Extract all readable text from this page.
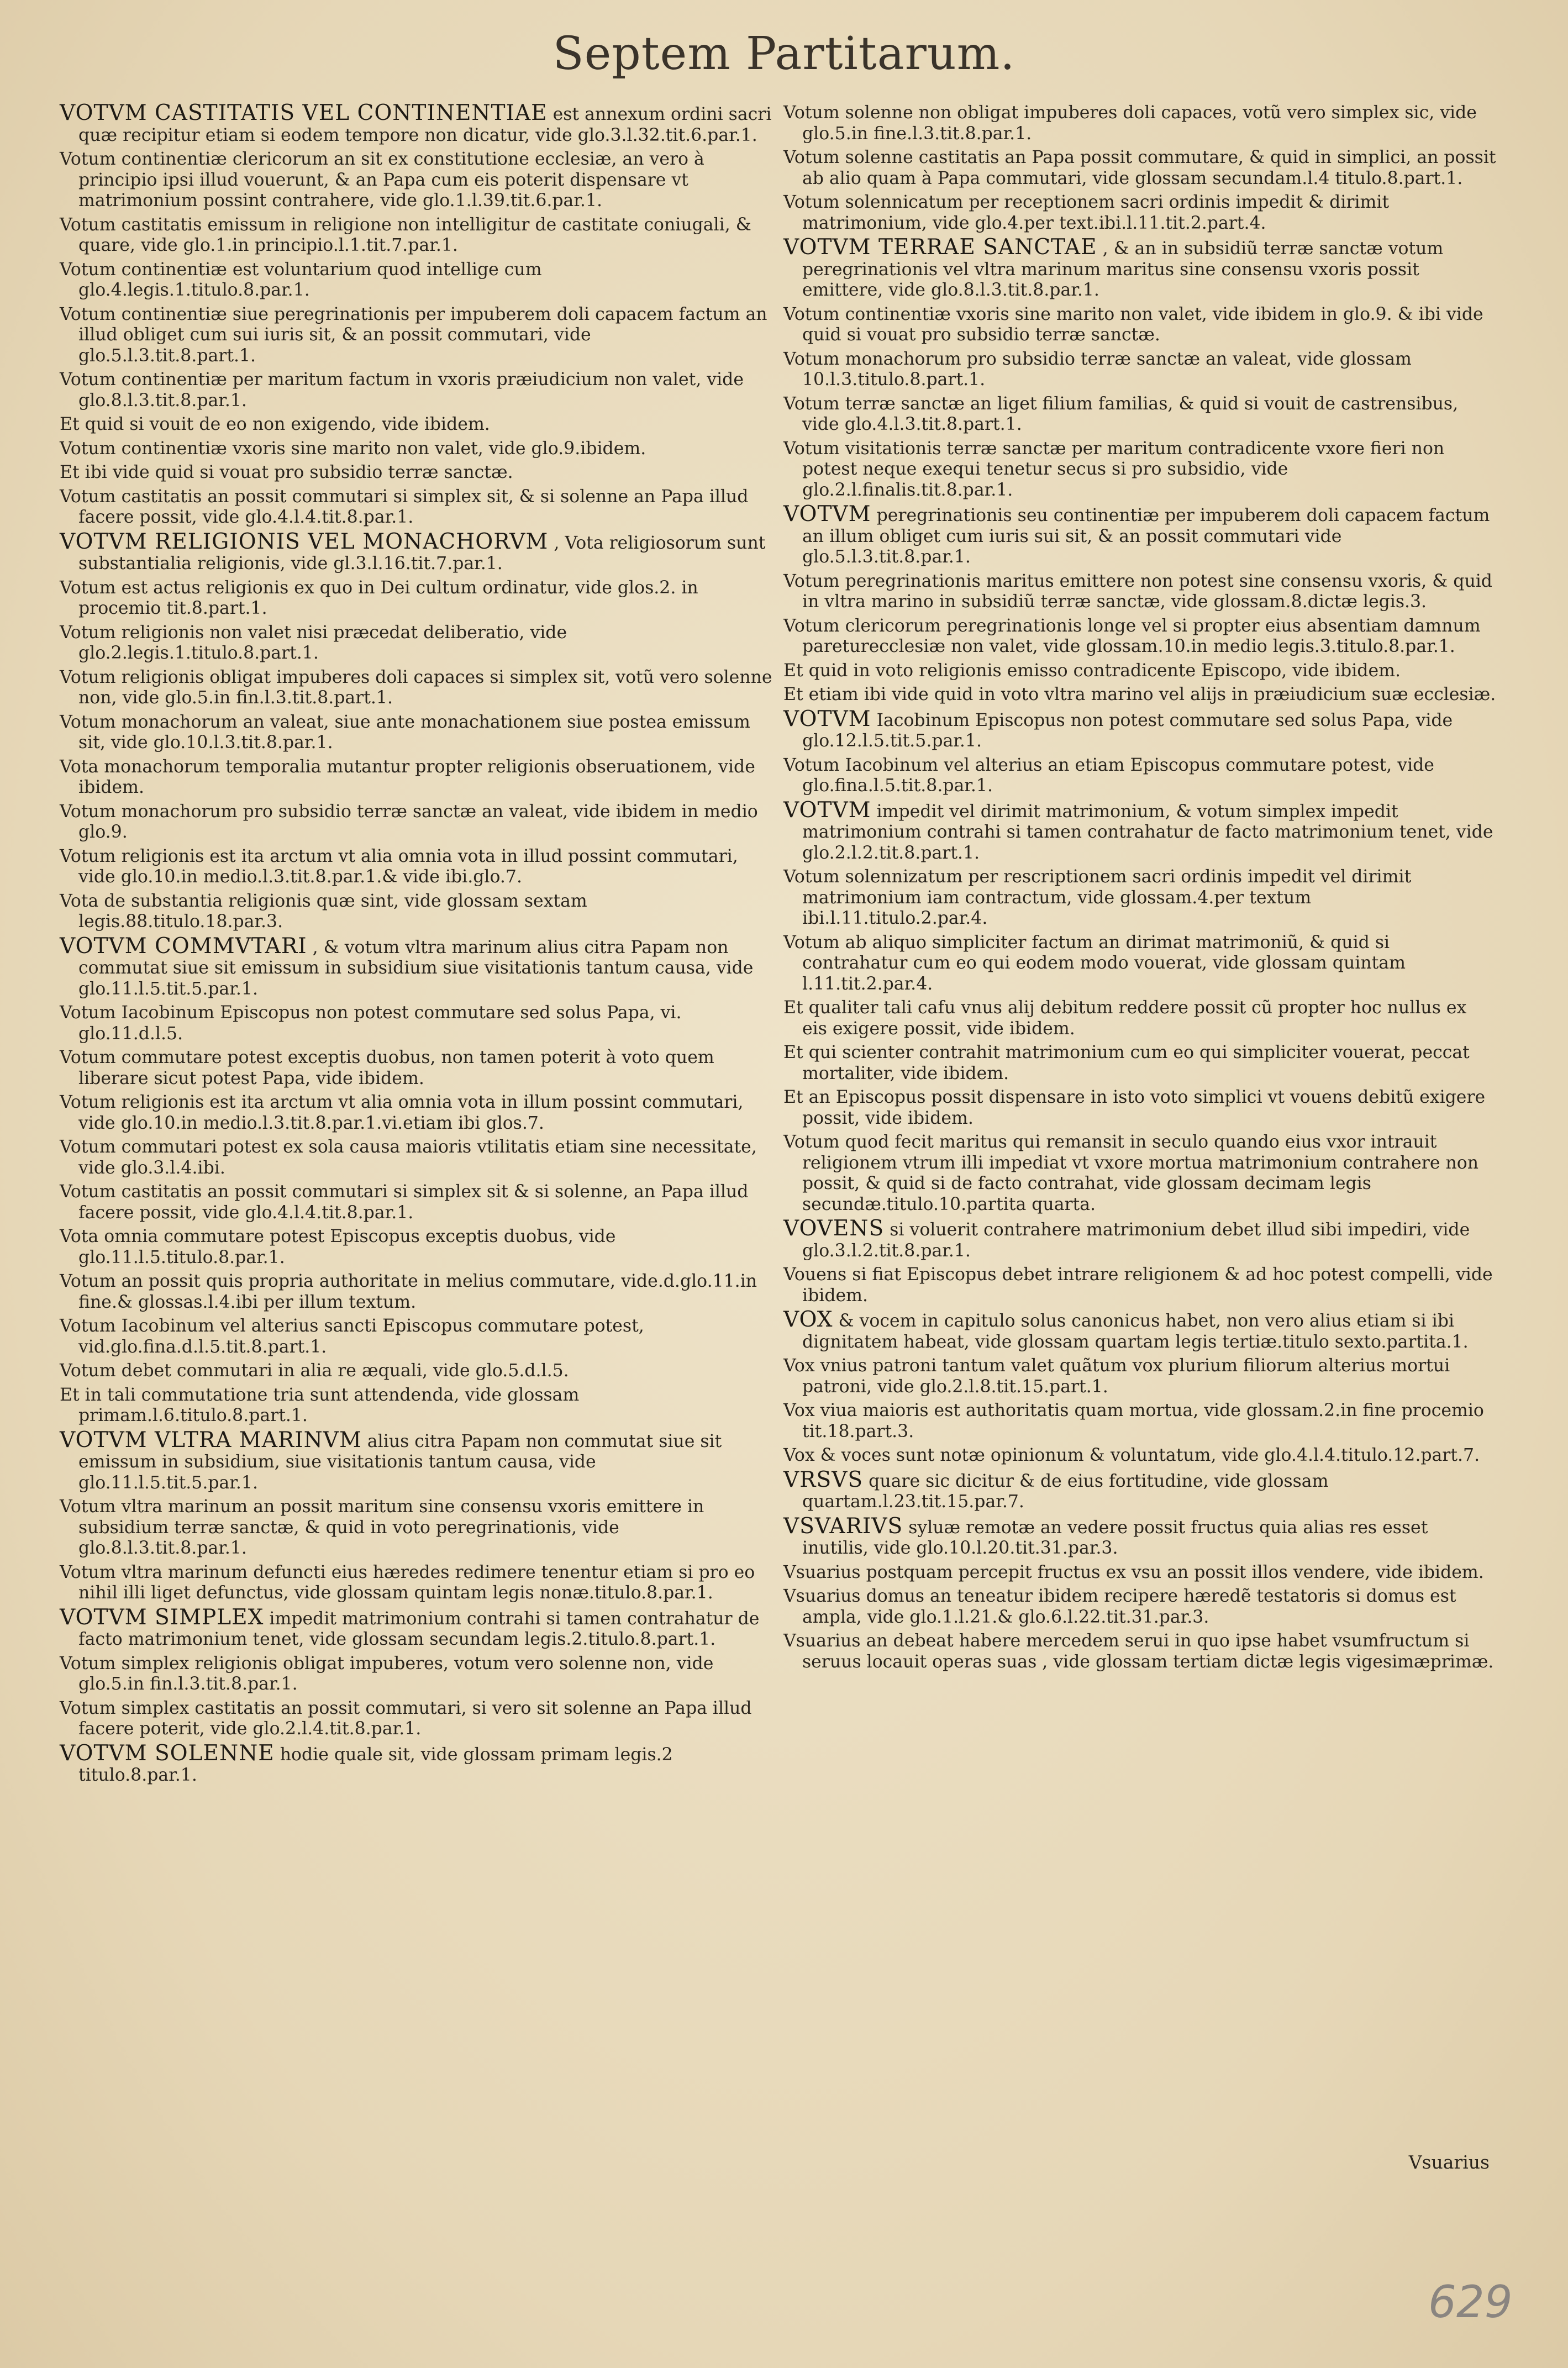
Septem Partitarum.

VOTVM CASTITATIS VEL CONTINENTIAE est annexum ordini sacri quæ recipitur etiam si eodem tempore non dicatur, vide glo.3.l.32.tit.6.par.1.

Votum continentiæ clericorum an sit ex constitutione ecclesiæ, an vero à principio ipsi illud vouerunt, & an Papa cum eis poterit dispensare vt matrimonium possint contrahere, vide glo.1.l.39.tit.6.par.1.

Votum castitatis emissum in religione non intelligitur de castitate coniugali, & quare, vide glo.1.in principio.l.1.tit.7.par.1.

Votum continentiæ est voluntarium quod intellige cum glo.4.legis.1.titulo.8.par.1.

Votum continentiæ siue peregrinationis per impuberem doli capacem factum an illud obliget cum sui iuris sit, & an possit commutari, vide glo.5.l.3.tit.8.part.1.

Votum continentiæ per maritum factum in vxoris præiudicium non valet, vide glo.8.l.3.tit.8.par.1.

Et quid si vouit de eo non exigendo, vide ibidem.

Votum continentiæ vxoris sine marito non valet, vide glo.9.ibidem.

Et ibi vide quid si vouat pro subsidio terræ sanctæ.

Votum castitatis an possit commutari si simplex sit, & si solenne an Papa illud facere possit, vide glo.4.l.4.tit.8.par.1.

VOTVM RELIGIONIS VEL MONACHORVM , Vota religiosorum sunt substantialia religionis, vide gl.3.l.16.tit.7.par.1.

Votum est actus religionis ex quo in Dei cultum ordinatur, vide glos.2. in procemio tit.8.part.1.

Votum religionis non valet nisi præcedat deliberatio, vide glo.2.legis.1.titulo.8.part.1.

Votum religionis obligat impuberes doli capaces si simplex sit, votũ vero solenne non, vide glo.5.in fin.l.3.tit.8.part.1.

Votum monachorum an valeat, siue ante monachationem siue postea emissum sit, vide glo.10.l.3.tit.8.par.1.

Vota monachorum temporalia mutantur propter religionis obseruationem, vide ibidem.

Votum monachorum pro subsidio terræ sanctæ an valeat, vide ibidem in medio glo.9.

Votum religionis est ita arctum vt alia omnia vota in illud possint commutari, vide glo.10.in medio.l.3.tit.8.par.1.& vide ibi.glo.7.

Vota de substantia religionis quæ sint, vide glossam sextam legis.88.titulo.18.par.3.

VOTVM COMMVTARI , & votum vltra marinum alius citra Papam non commutat siue sit emissum in subsidium siue visitationis tantum causa, vide glo.11.l.5.tit.5.par.1.

Votum Iacobinum Episcopus non potest commutare sed solus Papa, vi. glo.11.d.l.5.

Votum commutare potest exceptis duobus, non tamen poterit à voto quem liberare sicut potest Papa, vide ibidem.

Votum religionis est ita arctum vt alia omnia vota in illum possint commutari, vide glo.10.in medio.l.3.tit.8.par.1.vi.etiam ibi glos.7.

Votum commutari potest ex sola causa maioris vtilitatis etiam sine necessitate, vide glo.3.l.4.ibi.

Votum castitatis an possit commutari si simplex sit & si solenne, an Papa illud facere possit, vide glo.4.l.4.tit.8.par.1.

Vota omnia commutare potest Episcopus exceptis duobus, vide glo.11.l.5.titulo.8.par.1.

Votum an possit quis propria authoritate in melius commutare, vide.d.glo.11.in fine.& glossas.l.4.ibi per illum textum.

Votum Iacobinum vel alterius sancti Episcopus commutare potest, vid.glo.fina.d.l.5.tit.8.part.1.

Votum debet commutari in alia re æquali, vide glo.5.d.l.5.

Et in tali commutatione tria sunt attendenda, vide glossam primam.l.6.titulo.8.part.1.

VOTVM VLTRA MARINVM alius citra Papam non commutat siue sit emissum in subsidium, siue visitationis tantum causa, vide glo.11.l.5.tit.5.par.1.

Votum vltra marinum an possit maritum sine consensu vxoris emittere in subsidium terræ sanctæ, & quid in voto peregrinationis, vide glo.8.l.3.tit.8.par.1.

Votum vltra marinum defuncti eius hæredes redimere tenentur etiam si pro eo nihil illi liget defunctus, vide glossam quintam legis nonæ.titulo.8.par.1.

VOTVM SIMPLEX impedit matrimonium contrahi si tamen contrahatur de facto matrimonium tenet, vide glossam secundam legis.2.titulo.8.part.1.

Votum simplex religionis obligat impuberes, votum vero solenne non, vide glo.5.in fin.l.3.tit.8.par.1.

Votum simplex castitatis an possit commutari, si vero sit solenne an Papa illud facere poterit, vide glo.2.l.4.tit.8.par.1.

VOTVM SOLENNE hodie quale sit, vide glossam primam legis.2 titulo.8.par.1.

Votum solenne non obligat impuberes doli capaces, votũ vero simplex sic, vide glo.5.in fine.l.3.tit.8.par.1.

Votum solenne castitatis an Papa possit commutare, & quid in simplici, an possit ab alio quam à Papa commutari, vide glossam secundam.l.4 titulo.8.part.1.

Votum solennicatum per receptionem sacri ordinis impedit & dirimit matrimonium, vide glo.4.per text.ibi.l.11.tit.2.part.4.

VOTVM TERRAE SANCTAE , & an in subsidiũ terræ sanctæ votum peregrinationis vel vltra marinum maritus sine consensu vxoris possit emittere, vide glo.8.l.3.tit.8.par.1.

Votum continentiæ vxoris sine marito non valet, vide ibidem in glo.9. & ibi vide quid si vouat pro subsidio terræ sanctæ.

Votum monachorum pro subsidio terræ sanctæ an valeat, vide glossam 10.l.3.titulo.8.part.1.

Votum terræ sanctæ an liget filium familias, & quid si vouit de castrensibus, vide glo.4.l.3.tit.8.part.1.

Votum visitationis terræ sanctæ per maritum contradicente vxore fieri non potest neque exequi tenetur secus si pro subsidio, vide glo.2.l.finalis.tit.8.par.1.

VOTVM peregrinationis seu continentiæ per impuberem doli capacem factum an illum obliget cum iuris sui sit, & an possit commutari vide glo.5.l.3.tit.8.par.1.

Votum peregrinationis maritus emittere non potest sine consensu vxoris, & quid in vltra marino in subsidiũ terræ sanctæ, vide glossam.8.dictæ legis.3.

Votum clericorum peregrinationis longe vel si propter eius absentiam damnum pareturecclesiæ non valet, vide glossam.10.in medio legis.3.titulo.8.par.1.

Et quid in voto religionis emisso contradicente Episcopo, vide ibidem.

Et etiam ibi vide quid in voto vltra marino vel alijs in præiudicium suæ ecclesiæ.

VOTVM Iacobinum Episcopus non potest commutare sed solus Papa, vide glo.12.l.5.tit.5.par.1.

Votum Iacobinum vel alterius an etiam Episcopus commutare potest, vide glo.fina.l.5.tit.8.par.1.

VOTVM impedit vel dirimit matrimonium, & votum simplex impedit matrimonium contrahi si tamen contrahatur de facto matrimonium tenet, vide glo.2.l.2.tit.8.part.1.

Votum solennizatum per rescriptionem sacri ordinis impedit vel dirimit matrimonium iam contractum, vide glossam.4.per textum ibi.l.11.titulo.2.par.4.

Votum ab aliquo simpliciter factum an dirimat matrimoniũ, & quid si contrahatur cum eo qui eodem modo vouerat, vide glossam quintam l.11.tit.2.par.4.

Et qualiter tali cafu vnus alij debitum reddere possit cũ propter hoc nullus ex eis exigere possit, vide ibidem.

Et qui scienter contrahit matrimonium cum eo qui simpliciter vouerat, peccat mortaliter, vide ibidem.

Et an Episcopus possit dispensare in isto voto simplici vt vouens debitũ exigere possit, vide ibidem.

Votum quod fecit maritus qui remansit in seculo quando eius vxor intrauit religionem vtrum illi impediat vt vxore mortua matrimonium contrahere non possit, & quid si de facto contrahat, vide glossam decimam legis secundæ.titulo.10.partita quarta.

VOVENS si voluerit contrahere matrimonium debet illud sibi impediri, vide glo.3.l.2.tit.8.par.1.

Vouens si fiat Episcopus debet intrare religionem & ad hoc potest compelli, vide ibidem.

VOX & vocem in capitulo solus canonicus habet, non vero alius etiam si ibi dignitatem habeat, vide glossam quartam legis tertiæ.titulo sexto.partita.1.

Vox vnius patroni tantum valet quãtum vox plurium filiorum alterius mortui patroni, vide glo.2.l.8.tit.15.part.1.

Vox viua maioris est authoritatis quam mortua, vide glossam.2.in fine procemio tit.18.part.3.

Vox & voces sunt notæ opinionum & voluntatum, vide glo.4.l.4.titulo.12.part.7.

VRSVS quare sic dicitur & de eius fortitudine, vide glossam quartam.l.23.tit.15.par.7.

VSVARIVS syluæ remotæ an vedere possit fructus quia alias res esset inutilis, vide glo.10.l.20.tit.31.par.3.

Vsuarius postquam percepit fructus ex vsu an possit illos vendere, vide ibidem.

Vsuarius domus an teneatur ibidem recipere hæredẽ testatoris si domus est ampla, vide glo.1.l.21.& glo.6.l.22.tit.31.par.3.

Vsuarius an debeat habere mercedem serui in quo ipse habet vsumfructum si seruus locauit operas suas , vide glossam tertiam dictæ legis vigesimæprimæ.

Vsuarius
629
